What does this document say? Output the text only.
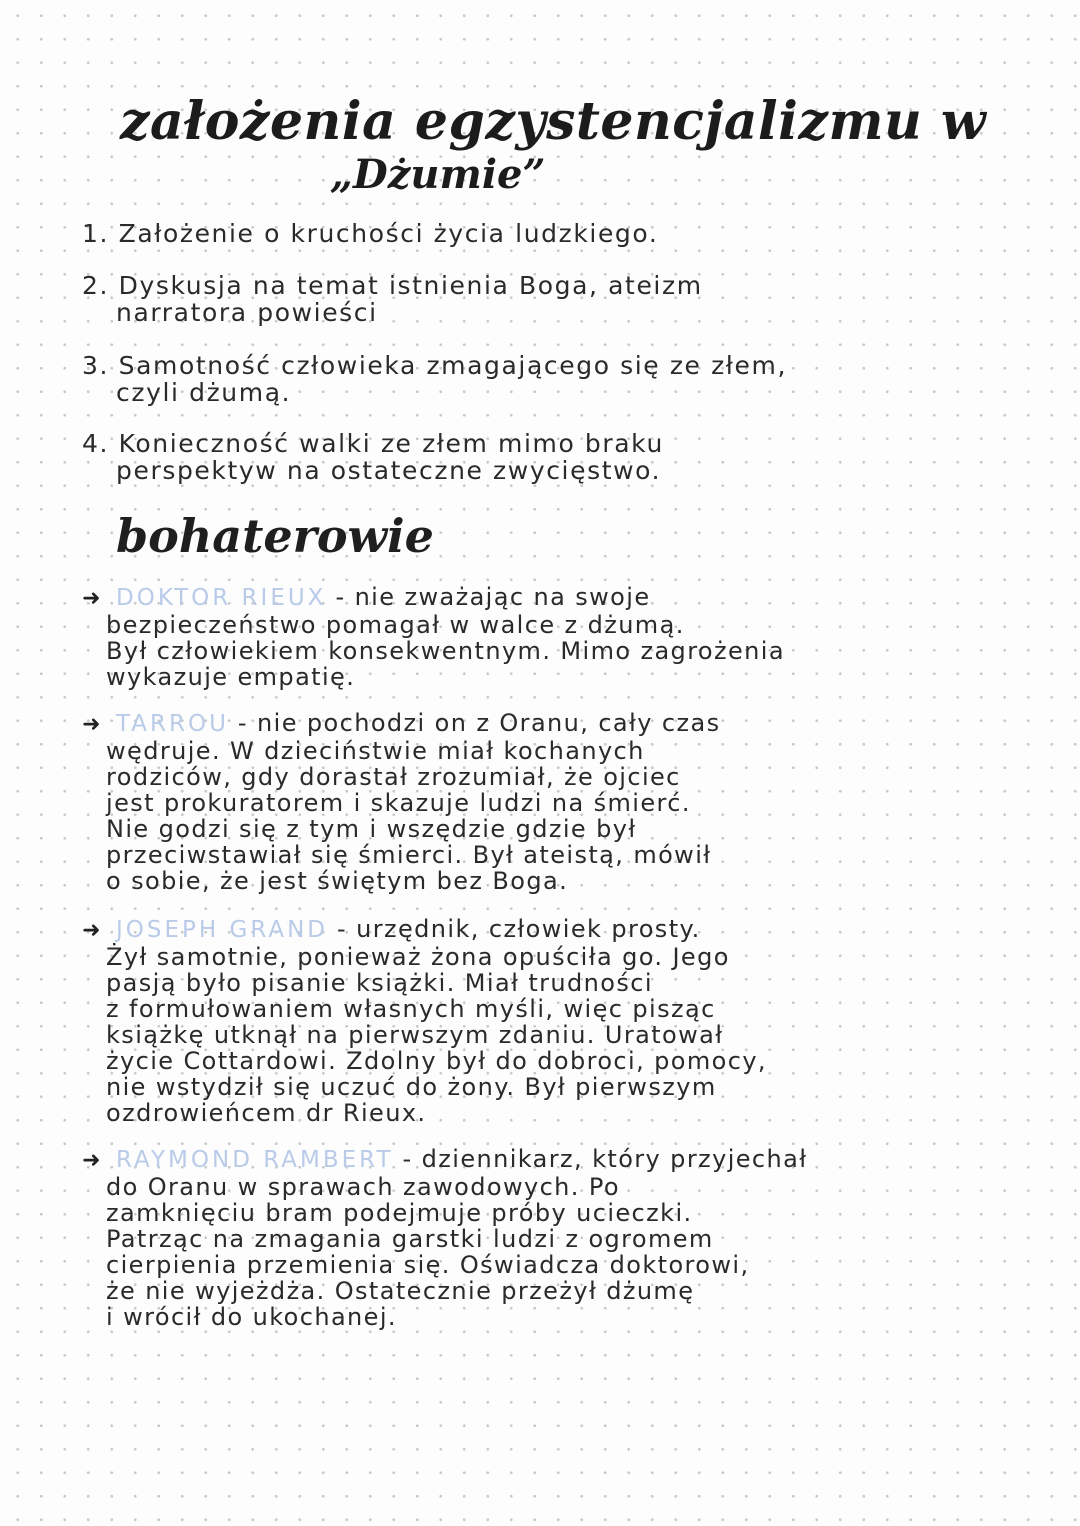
założenia egzystencjalizmu w
„Dżumie”
1. Założenie o kruchości życia ludzkiego.
2. Dyskusja na temat istnienia Boga, ateizm
narratora powieści
3. Samotność człowieka zmagającego się ze złem,
czyli dżumą.
4. Konieczność walki ze złem mimo braku
perspektyw na ostateczne zwycięstwo.
bohaterowie
➜ DOKTOR RIEUX - nie zważając na swoje
bezpieczeństwo pomagał w walce z dżumą.
Był człowiekiem konsekwentnym. Mimo zagrożenia
wykazuje empatię.
➜ TARROU - nie pochodzi on z Oranu, cały czas
wędruje. W dzieciństwie miał kochanych
rodziców, gdy dorastał zrozumiał, że ojciec
jest prokuratorem i skazuje ludzi na śmierć.
Nie godzi się z tym i wszędzie gdzie był
przeciwstawiał się śmierci. Był ateistą, mówił
o sobie, że jest świętym bez Boga.
➜ JOSEPH GRAND - urzędnik, człowiek prosty.
Żył samotnie, ponieważ żona opuściła go. Jego
pasją było pisanie książki. Miał trudności
z formułowaniem własnych myśli, więc pisząc
książkę utknął na pierwszym zdaniu. Uratował
życie Cottardowi. Zdolny był do dobroci, pomocy,
nie wstydził się uczuć do żony. Był pierwszym
ozdrowieńcem dr Rieux.
➜ RAYMOND RAMBERT - dziennikarz, który przyjechał
do Oranu w sprawach zawodowych. Po
zamknięciu bram podejmuje próby ucieczki.
Patrząc na zmagania garstki ludzi z ogromem
cierpienia przemienia się. Oświadcza doktorowi,
że nie wyjeżdża. Ostatecznie przeżył dżumę
i wrócił do ukochanej.
